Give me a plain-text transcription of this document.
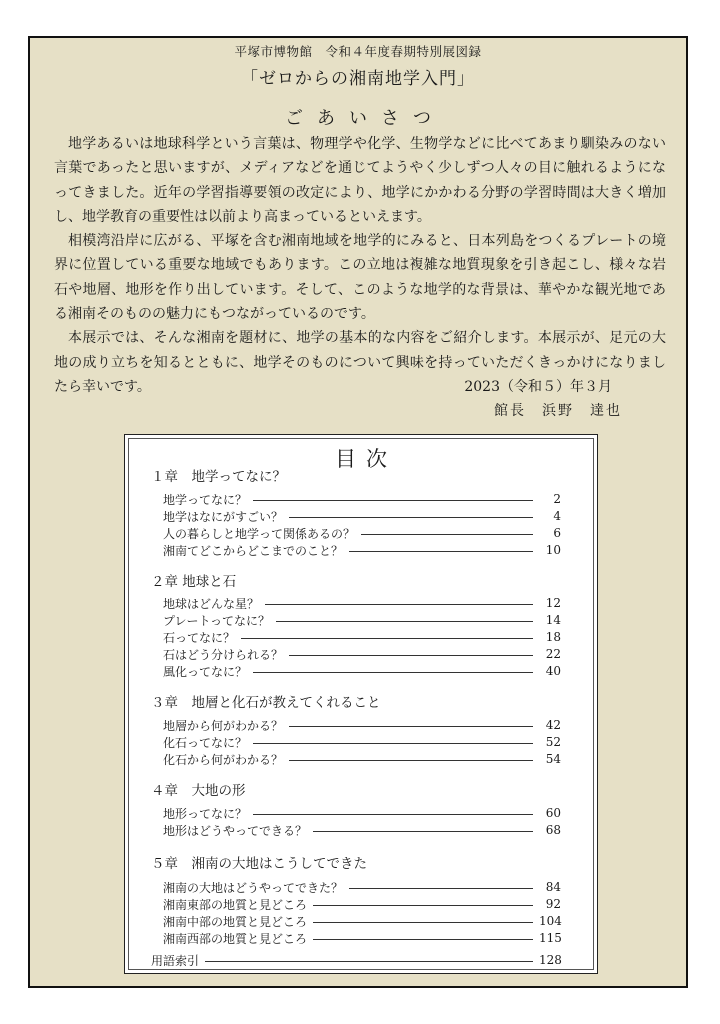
平塚市博物館　令和４年度春期特別展図録
「ゼロからの湘南地学入門」
ごあいさつ

地学あるいは地球科学という言葉は、物理学や化学、生物学などに比べてあまり馴染みのない言葉であったと思いますが、メディアなどを通じてようやく少しずつ人々の目に触れるようになってきました。近年の学習指導要領の改定により、地学にかかわる分野の学習時間は大きく増加し、地学教育の重要性は以前より高まっているといえます。

相模湾沿岸に広がる、平塚を含む湘南地域を地学的にみると、日本列島をつくるプレートの境界に位置している重要な地域でもあります。この立地は複雑な地質現象を引き起こし、様々な岩石や地層、地形を作り出しています。そして、このような地学的な背景は、華やかな観光地である湘南そのものの魅力にもつながっているのです。

本展示では、そんな湘南を題材に、地学の基本的な内容をご紹介します。本展示が、足元の大地の成り立ちを知るとともに、地学そのものについて興味を持っていただくきっかけになりましたら幸いです。	2023（令和５）年３月
館長　浜野　達也
目次
１章　地学ってなに？
地学ってなに？	2
地学はなにがすごい？	4
人の暮らしと地学って関係あるの？	6
湘南てどこからどこまでのこと？	10
２章 地球と石
地球はどんな星？	12
プレートってなに？	14
石ってなに？	18
石はどう分けられる？	22
風化ってなに？	40
３章　地層と化石が教えてくれること
地層から何がわかる？	42
化石ってなに？	52
化石から何がわかる？	54
４章　大地の形
地形ってなに？	60
地形はどうやってできる？	68
５章　湘南の大地はこうしてできた
湘南の大地はどうやってできた？	84
湘南東部の地質と見どころ	92
湘南中部の地質と見どころ	104
湘南西部の地質と見どころ	115
用語索引	128
